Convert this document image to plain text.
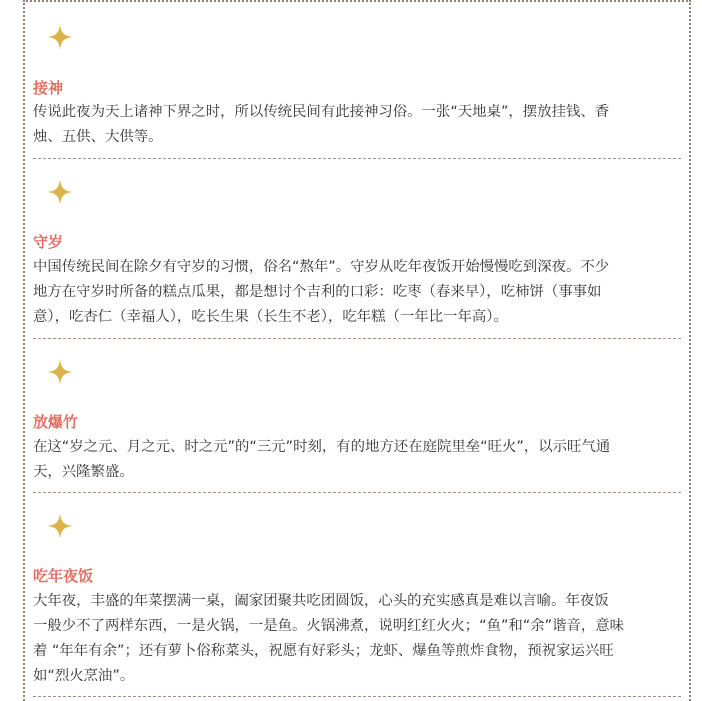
接神

传说此夜为天上诸神下界之时，所以传统民间有此接神习俗。一张“天地桌”，摆放挂钱、香
烛、五供、大供等。

守岁

中国传统民间在除夕有守岁的习惯，俗名“熬年”。守岁从吃年夜饭开始慢慢吃到深夜。不少
地方在守岁时所备的糕点瓜果，都是想讨个吉利的口彩：吃枣（春来早），吃柿饼（事事如
意），吃杏仁（幸福人），吃长生果（长生不老），吃年糕（一年比一年高）。

放爆竹

在这“岁之元、月之元、时之元”的“三元”时刻，有的地方还在庭院里垒“旺火”，以示旺气通
天，兴隆繁盛。

吃年夜饭

大年夜，丰盛的年菜摆满一桌，阖家团聚共吃团圆饭，心头的充实感真是难以言喻。年夜饭
一般少不了两样东西，一是火锅，一是鱼。火锅沸煮，说明红红火火；“鱼”和“余”谐音，意味
着 “年年有余”；还有萝卜俗称菜头，祝愿有好彩头；龙虾、爆鱼等煎炸食物，预祝家运兴旺
如“烈火烹油”。
